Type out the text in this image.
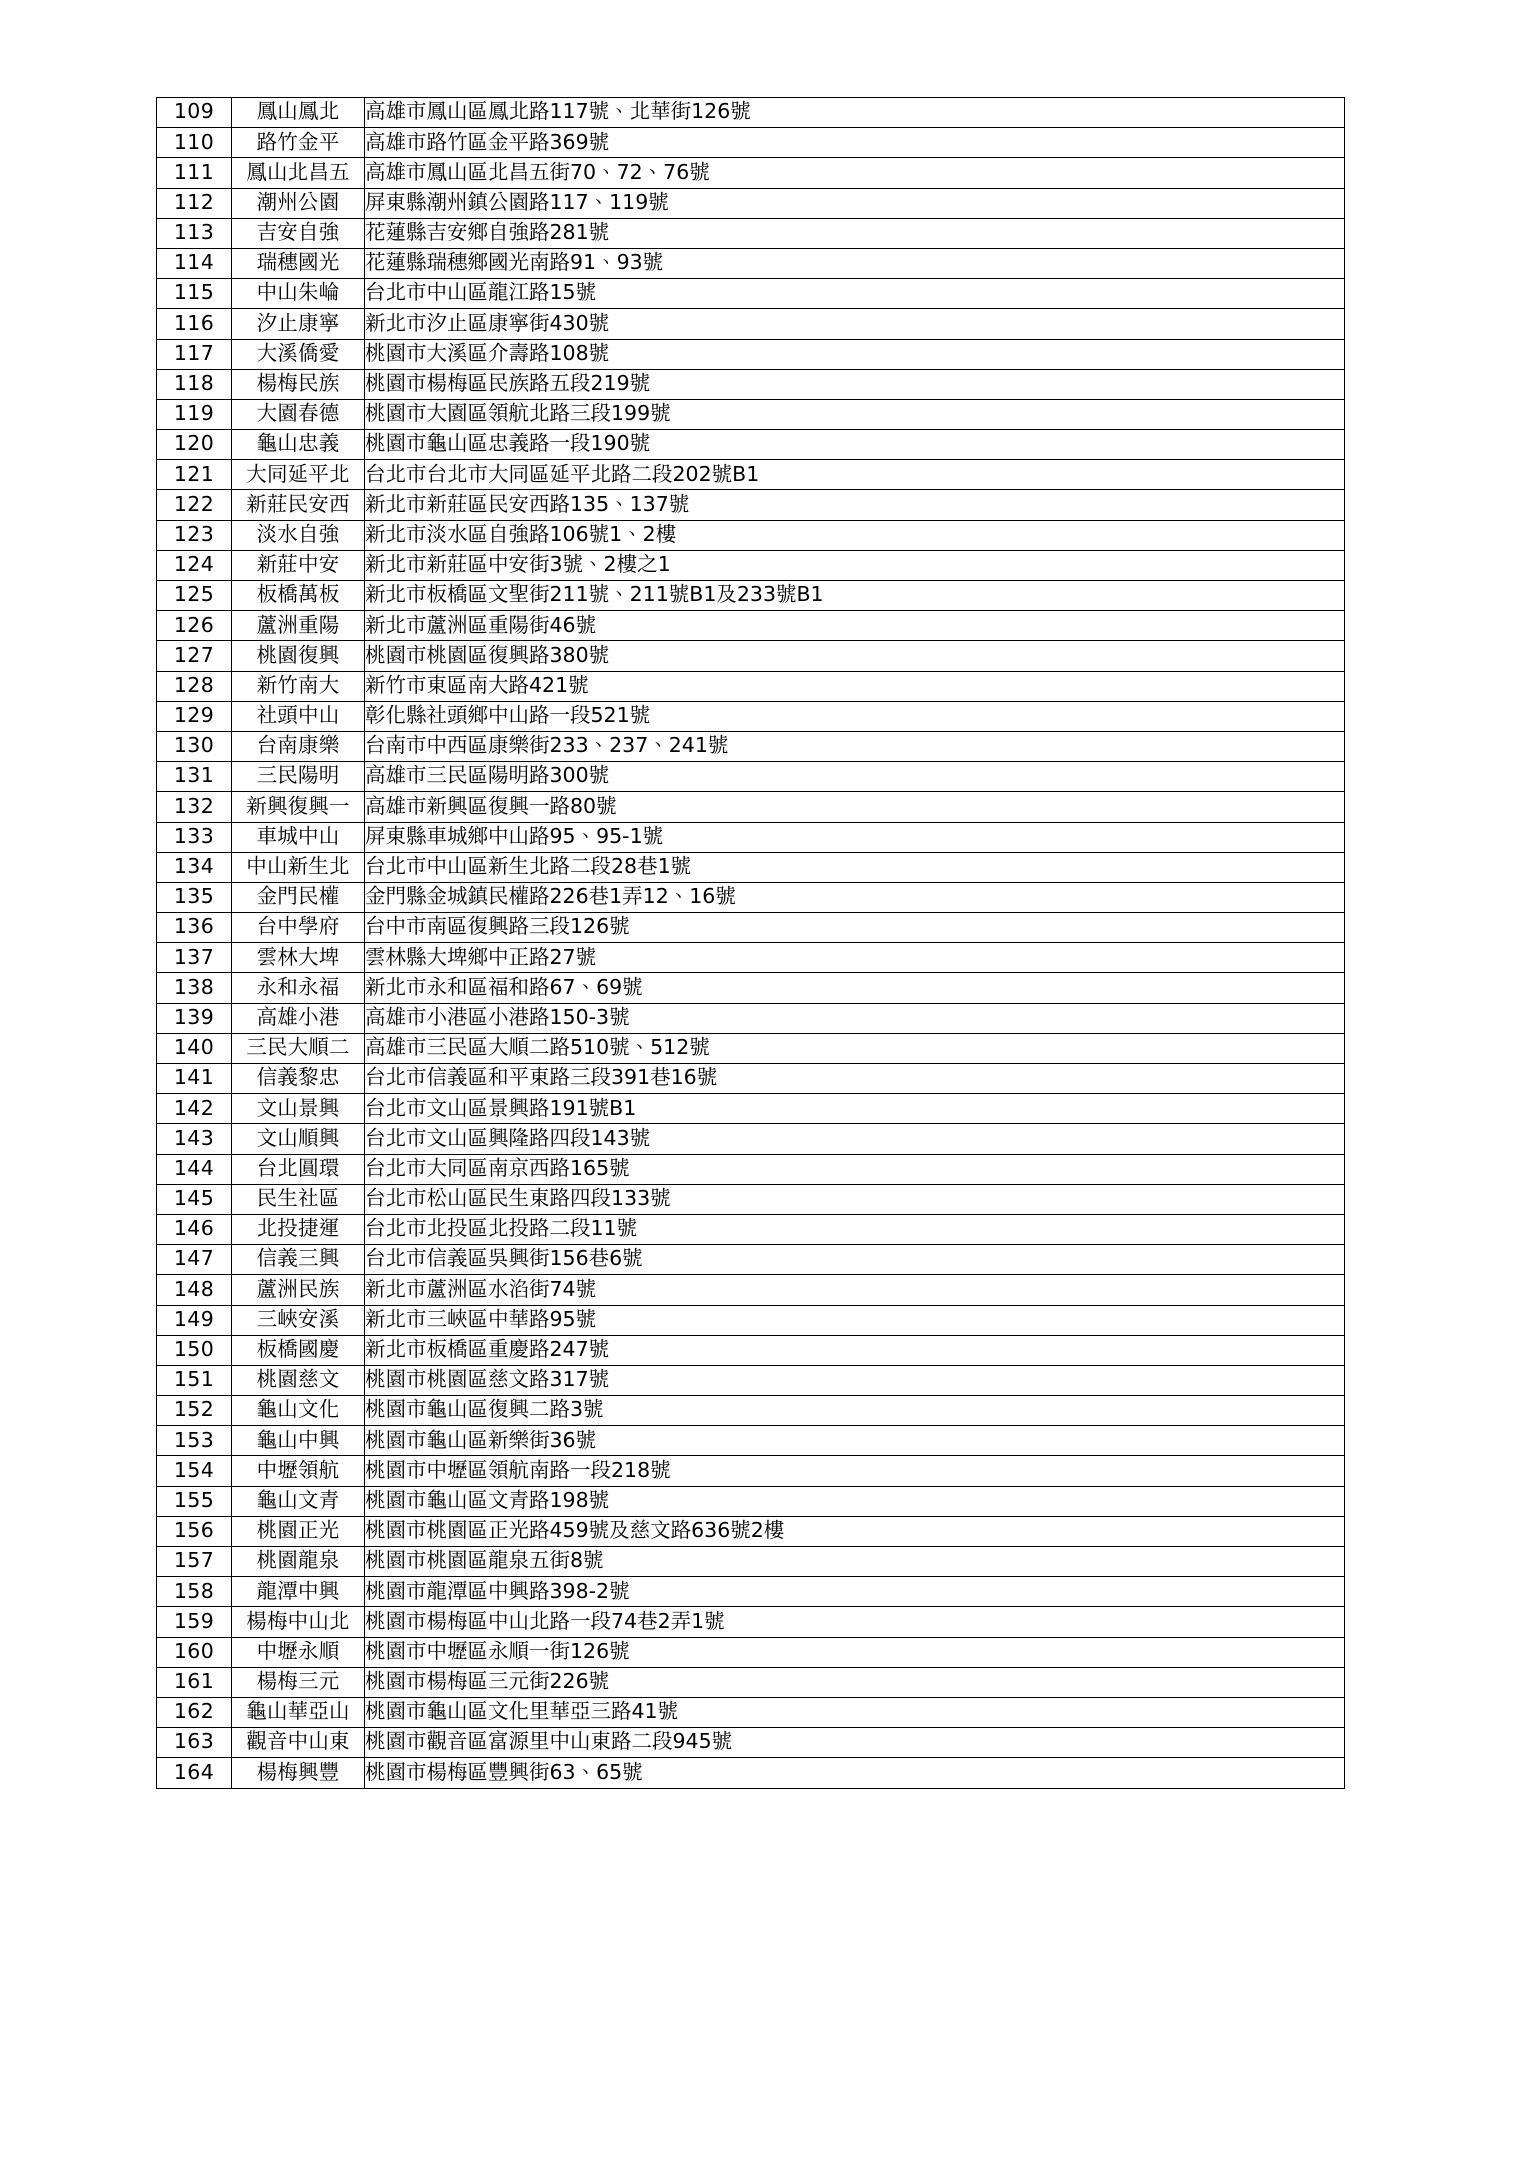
109	鳳山鳳北	高雄市鳳山區鳳北路117號、北華街126號
110	路竹金平	高雄市路竹區金平路369號
111	鳳山北昌五	高雄市鳳山區北昌五街70、72、76號
112	潮州公園	屏東縣潮州鎮公園路117、119號
113	吉安自強	花蓮縣吉安鄉自強路281號
114	瑞穗國光	花蓮縣瑞穗鄉國光南路91、93號
115	中山朱崘	台北市中山區龍江路15號
116	汐止康寧	新北市汐止區康寧街430號
117	大溪僑愛	桃園市大溪區介壽路108號
118	楊梅民族	桃園市楊梅區民族路五段219號
119	大園春德	桃園市大園區領航北路三段199號
120	龜山忠義	桃園市龜山區忠義路一段190號
121	大同延平北	台北市台北市大同區延平北路二段202號B1
122	新莊民安西	新北市新莊區民安西路135、137號
123	淡水自強	新北市淡水區自強路106號1、2樓
124	新莊中安	新北市新莊區中安街3號、2樓之1
125	板橋萬板	新北市板橋區文聖街211號、211號B1及233號B1
126	蘆洲重陽	新北市蘆洲區重陽街46號
127	桃園復興	桃園市桃園區復興路380號
128	新竹南大	新竹市東區南大路421號
129	社頭中山	彰化縣社頭鄉中山路一段521號
130	台南康樂	台南市中西區康樂街233、237、241號
131	三民陽明	高雄市三民區陽明路300號
132	新興復興一	高雄市新興區復興一路80號
133	車城中山	屏東縣車城鄉中山路95、95-1號
134	中山新生北	台北市中山區新生北路二段28巷1號
135	金門民權	金門縣金城鎮民權路226巷1弄12、16號
136	台中學府	台中市南區復興路三段126號
137	雲林大埤	雲林縣大埤鄉中正路27號
138	永和永福	新北市永和區福和路67、69號
139	高雄小港	高雄市小港區小港路150-3號
140	三民大順二	高雄市三民區大順二路510號、512號
141	信義黎忠	台北市信義區和平東路三段391巷16號
142	文山景興	台北市文山區景興路191號B1
143	文山順興	台北市文山區興隆路四段143號
144	台北圓環	台北市大同區南京西路165號
145	民生社區	台北市松山區民生東路四段133號
146	北投捷運	台北市北投區北投路二段11號
147	信義三興	台北市信義區吳興街156巷6號
148	蘆洲民族	新北市蘆洲區水淊街74號
149	三峽安溪	新北市三峽區中華路95號
150	板橋國慶	新北市板橋區重慶路247號
151	桃園慈文	桃園市桃園區慈文路317號
152	龜山文化	桃園市龜山區復興二路3號
153	龜山中興	桃園市龜山區新樂街36號
154	中壢領航	桃園市中壢區領航南路一段218號
155	龜山文青	桃園市龜山區文青路198號
156	桃園正光	桃園市桃園區正光路459號及慈文路636號2樓
157	桃園龍泉	桃園市桃園區龍泉五街8號
158	龍潭中興	桃園市龍潭區中興路398-2號
159	楊梅中山北	桃園市楊梅區中山北路一段74巷2弄1號
160	中壢永順	桃園市中壢區永順一街126號
161	楊梅三元	桃園市楊梅區三元街226號
162	龜山華亞山	桃園市龜山區文化里華亞三路41號
163	觀音中山東	桃園市觀音區富源里中山東路二段945號
164	楊梅興豐	桃園市楊梅區豐興街63、65號
